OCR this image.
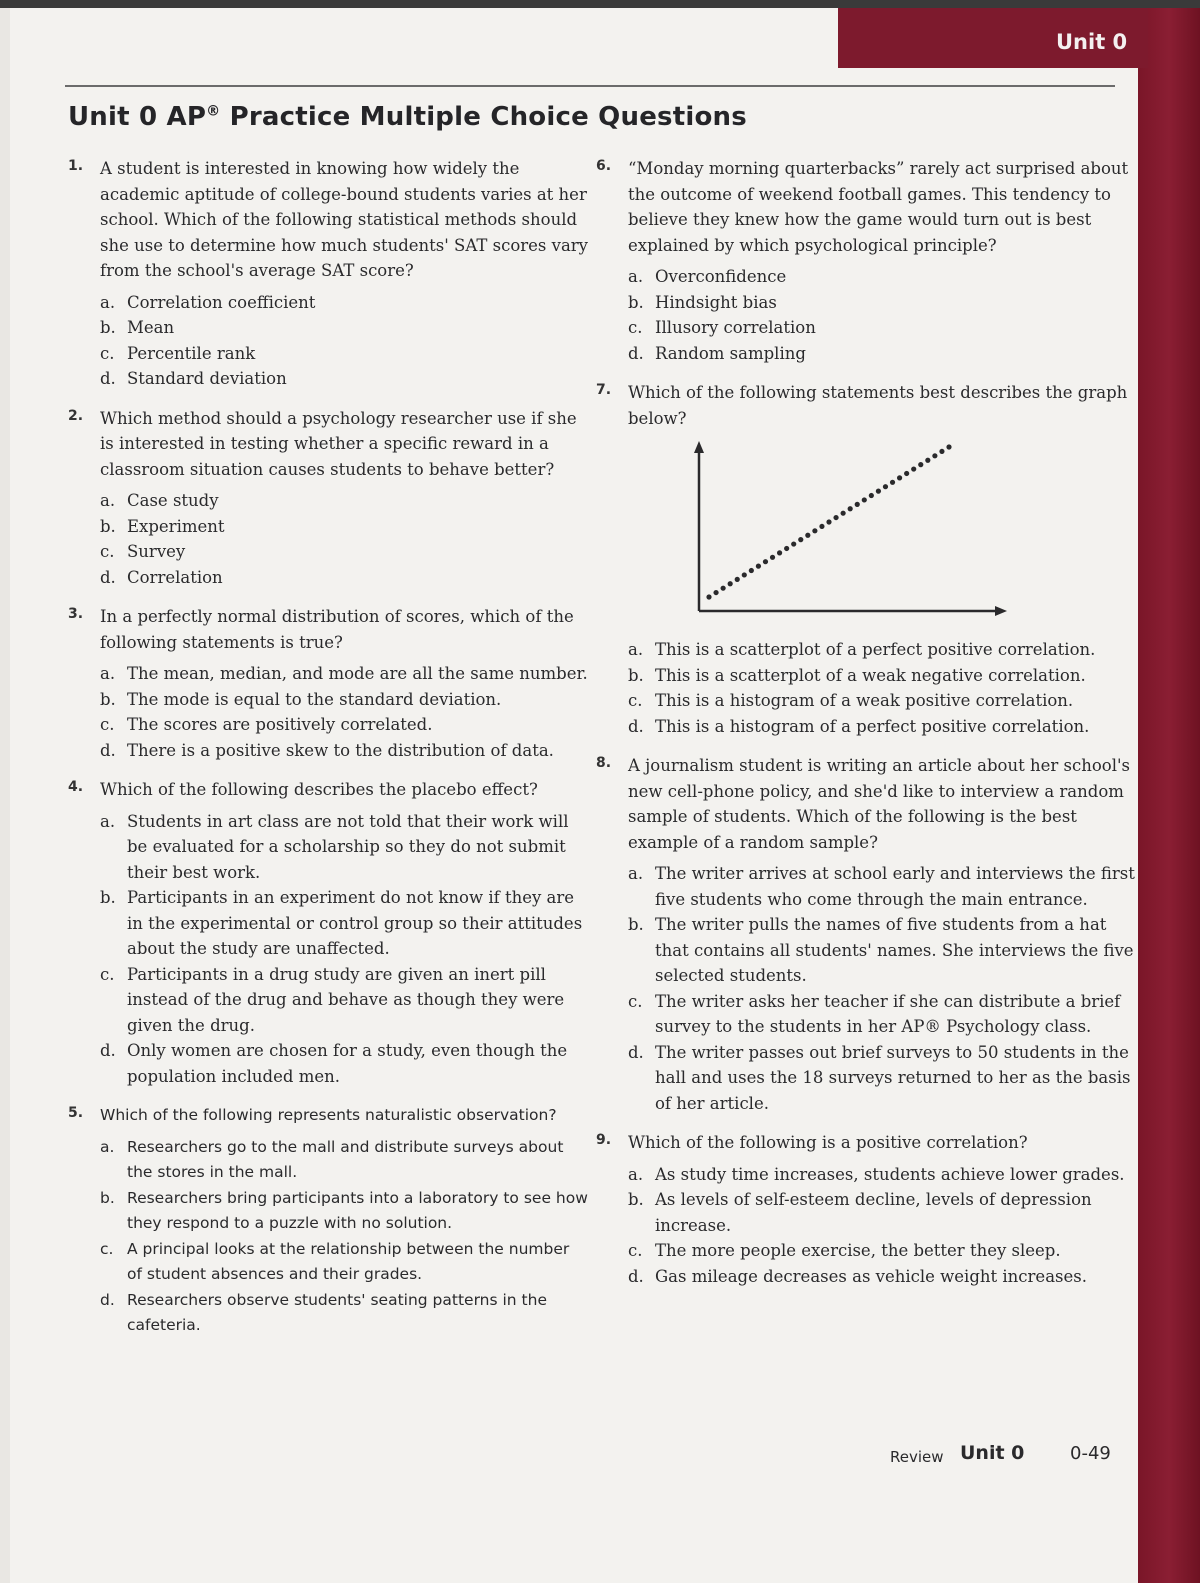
Unit 0
Unit 0 AP® Practice Multiple Choice Questions
1. A student is interested in knowing how widely the academic aptitude of college-bound students varies at her school. Which of the following statistical methods should she use to determine how much students' SAT scores vary from the school's average SAT score?
a. Correlation coefficient
b. Mean
c. Percentile rank
d. Standard deviation
2. Which method should a psychology researcher use if she is interested in testing whether a specific reward in a classroom situation causes students to behave better?
a. Case study
b. Experiment
c. Survey
d. Correlation
3. In a perfectly normal distribution of scores, which of the following statements is true?
a. The mean, median, and mode are all the same number.
b. The mode is equal to the standard deviation.
c. The scores are positively correlated.
d. There is a positive skew to the distribution of data.
4. Which of the following describes the placebo effect?
a. Students in art class are not told that their work will be evaluated for a scholarship so they do not submit their best work.
b. Participants in an experiment do not know if they are in the experimental or control group so their attitudes about the study are unaffected.
c. Participants in a drug study are given an inert pill instead of the drug and behave as though they were given the drug.
d. Only women are chosen for a study, even though the population included men.
5. Which of the following represents naturalistic observation?
a. Researchers go to the mall and distribute surveys about the stores in the mall.
b. Researchers bring participants into a laboratory to see how they respond to a puzzle with no solution.
c. A principal looks at the relationship between the number of student absences and their grades.
d. Researchers observe students' seating patterns in the cafeteria.
6. “Monday morning quarterbacks” rarely act surprised about the outcome of weekend football games. This tendency to believe they knew how the game would turn out is best explained by which psychological principle?
a. Overconfidence
b. Hindsight bias
c. Illusory correlation
d. Random sampling
7. Which of the following statements best describes the graph below?
a. This is a scatterplot of a perfect positive correlation.
b. This is a scatterplot of a weak negative correlation.
c. This is a histogram of a weak positive correlation.
d. This is a histogram of a perfect positive correlation.
8. A journalism student is writing an article about her school's new cell-phone policy, and she'd like to interview a random sample of students. Which of the following is the best example of a random sample?
a. The writer arrives at school early and interviews the first five students who come through the main entrance.
b. The writer pulls the names of five students from a hat that contains all students' names. She interviews the five selected students.
c. The writer asks her teacher if she can distribute a brief survey to the students in her AP® Psychology class.
d. The writer passes out brief surveys to 50 students in the hall and uses the 18 surveys returned to her as the basis of her article.
9. Which of the following is a positive correlation?
a. As study time increases, students achieve lower grades.
b. As levels of self-esteem decline, levels of depression increase.
c. The more people exercise, the better they sleep.
d. Gas mileage decreases as vehicle weight increases.
Review Unit 0	0-49
